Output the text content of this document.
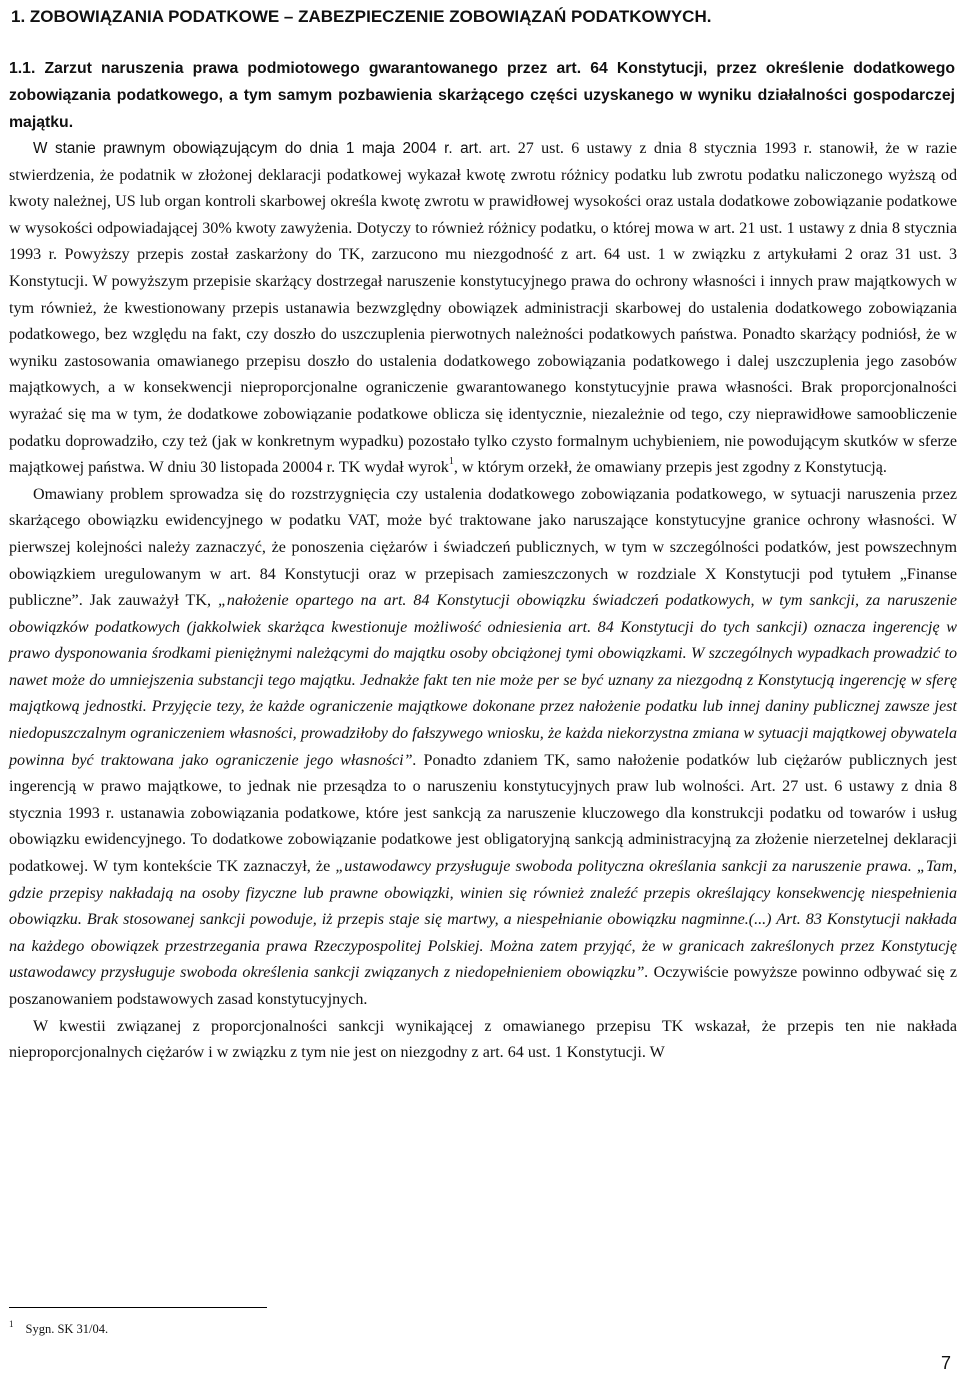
1. ZOBOWIĄZANIA PODATKOWE – ZABEZPIECZENIE ZOBOWIĄZAŃ PODATKOWYCH.
1.1. Zarzut naruszenia prawa podmiotowego gwarantowanego przez art. 64 Konstytucji, przez określenie dodatkowego zobowiązania podatkowego, a tym samym pozbawienia skarżącego części uzyskanego w wyniku działalności gospodarczej majątku.

W stanie prawnym obowiązującym do dnia 1 maja 2004 r. art. art. 27 ust. 6 ustawy z dnia 8 stycznia 1993 r. stanowił, że w razie stwierdzenia, że podatnik w złożonej deklaracji podatkowej wykazał kwotę zwrotu różnicy podatku lub zwrotu podatku naliczonego wyższą od kwoty należnej, US lub organ kontroli skarbowej określa kwotę zwrotu w prawidłowej wysokości oraz ustala dodatkowe zobowiązanie podatkowe w wysokości odpowiadającej 30% kwoty zawyżenia. Dotyczy to również różnicy podatku, o której mowa w art. 21 ust. 1 ustawy z dnia 8 stycznia 1993 r. Powyższy przepis został zaskarżony do TK, zarzucono mu niezgodność z art. 64 ust. 1 w związku z artykułami 2 oraz 31 ust. 3 Konstytucji. W powyższym przepisie skarżący dostrzegał naruszenie konstytucyjnego prawa do ochrony własności i innych praw majątkowych w tym również, że kwestionowany przepis ustanawia bezwzględny obowiązek administracji skarbowej do ustalenia dodatkowego zobowiązania podatkowego, bez względu na fakt, czy doszło do uszczuplenia pierwotnych należności podatkowych państwa. Ponadto skarżący podniósł, że w wyniku zastosowania omawianego przepisu doszło do ustalenia dodatkowego zobowiązania podatkowego i dalej uszczuplenia jego zasobów majątkowych, a w konsekwencji nieproporcjonalne ograniczenie gwarantowanego konstytucyjnie prawa własności. Brak proporcjonalności wyrażać się ma w tym, że dodatkowe zobowiązanie podatkowe oblicza się identycznie, niezależnie od tego, czy nieprawidłowe samoobliczenie podatku doprowadziło, czy też (jak w konkretnym wypadku) pozostało tylko czysto formalnym uchybieniem, nie powodującym skutków w sferze majątkowej państwa. W dniu 30 listopada 20004 r. TK wydał wyrok$^1$, w którym orzekł, że omawiany przepis jest zgodny z Konstytucją.

Omawiany problem sprowadza się do rozstrzygnięcia czy ustalenia dodatkowego zobowiązania podatkowego, w sytuacji naruszenia przez skarżącego obowiązku ewidencyjnego w podatku VAT, może być traktowane jako naruszające konstytucyjne granice ochrony własności. W pierwszej kolejności należy zaznaczyć, że ponoszenia ciężarów i świadczeń publicznych, w tym w szczególności podatków, jest powszechnym obowiązkiem uregulowanym w art. 84 Konstytucji oraz w przepisach zamieszczonych w rozdziale X Konstytucji pod tytułem „Finanse publiczne”. Jak zauważył TK, „nałożenie opartego na art. 84 Konstytucji obowiązku świadczeń podatkowych, w tym sankcji, za naruszenie obowiązków podatkowych (jakkolwiek skarżąca kwestionuje możliwość odniesienia art. 84 Konstytucji do tych sankcji) oznacza ingerencję w prawo dysponowania środkami pieniężnymi należącymi do majątku osoby obciążonej tymi obowiązkami. W szczególnych wypadkach prowadzić to nawet może do umniejszenia substancji tego majątku. Jednakże fakt ten nie może per se być uznany za niezgodną z Konstytucją ingerencję w sferę majątkową jednostki. Przyjęcie tezy, że każde ograniczenie majątkowe dokonane przez nałożenie podatku lub innej daniny publicznej zawsze jest niedopuszczalnym ograniczeniem własności, prowadziłoby do fałszywego wniosku, że każda niekorzystna zmiana w sytuacji majątkowej obywatela powinna być traktowana jako ograniczenie jego własności”. Ponadto zdaniem TK, samo nałożenie podatków lub ciężarów publicznych jest ingerencją w prawo majątkowe, to jednak nie przesądza to o naruszeniu konstytucyjnych praw lub wolności. Art. 27 ust. 6 ustawy z dnia 8 stycznia 1993 r. ustanawia zobowiązania podatkowe, które jest sankcją za naruszenie kluczowego dla konstrukcji podatku od towarów i usług obowiązku ewidencyjnego. To dodatkowe zobowiązanie podatkowe jest obligatoryjną sankcją administracyjną za złożenie nierzetelnej deklaracji podatkowej. W tym kontekście TK zaznaczył, że „ustawodawcy przysługuje swoboda polityczna określania sankcji za naruszenie prawa. „Tam, gdzie przepisy nakładają na osoby fizyczne lub prawne obowiązki, winien się również znaleźć przepis określający konsekwencję niespełnienia obowiązku. Brak stosowanej sankcji powoduje, iż przepis staje się martwy, a niespełnianie obowiązku nagminne.(...) Art. 83 Konstytucji nakłada na każdego obowiązek przestrzegania prawa Rzeczypospolitej Polskiej. Można zatem przyjąć, że w granicach zakreślonych przez Konstytucję ustawodawcy przysługuje swoboda określenia sankcji związanych z niedopełnieniem obowiązku”. Oczywiście powyższe powinno odbywać się z poszanowaniem podstawowych zasad konstytucyjnych.

W kwestii związanej z proporcjonalności sankcji wynikającej z omawianego przepisu TK wskazał, że przepis ten nie nakłada nieproporcjonalnych ciężarów i w związku z tym nie jest on niezgodny z art. 64 ust. 1 Konstytucji. W

$^1$ Sygn. SK 31/04.
7
